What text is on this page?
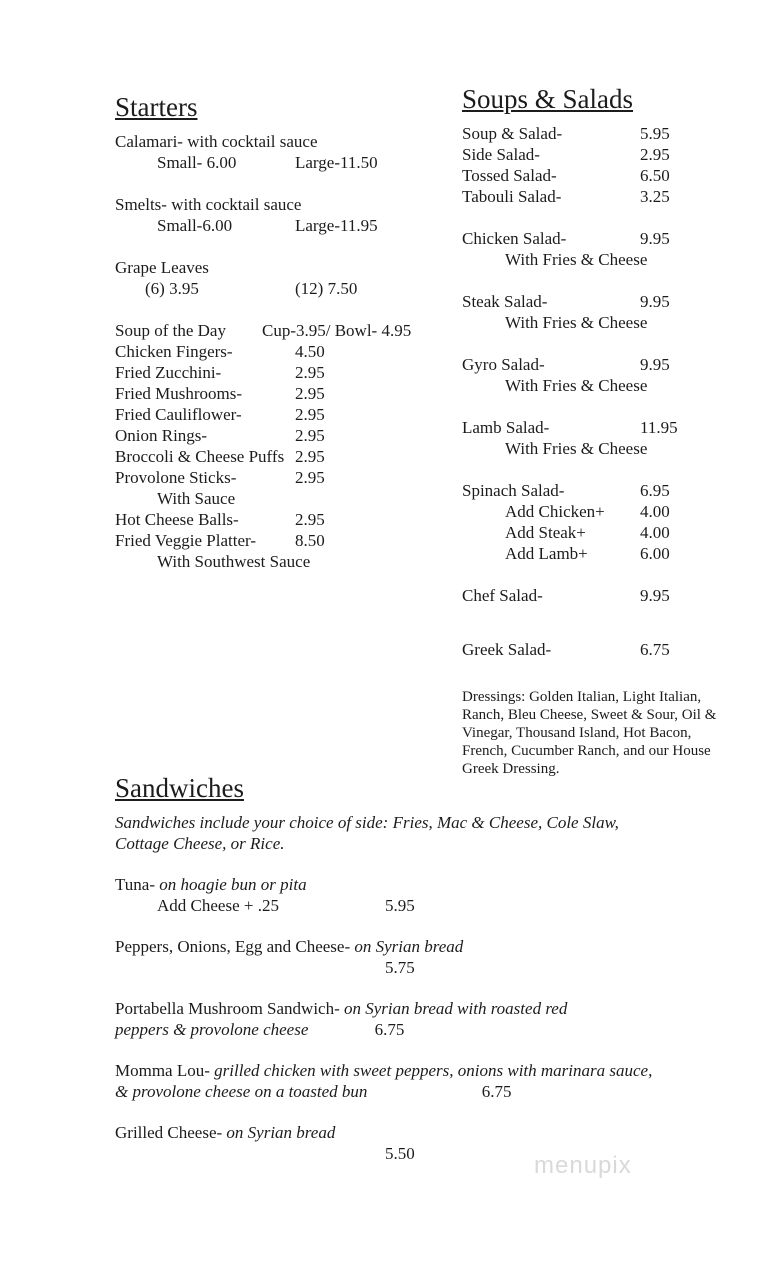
Starters
Calamari- with cocktail sauce
Small- 6.00	Large-11.50
Smelts- with cocktail sauce
Small-6.00	Large-11.95
Grape Leaves
(6) 3.95	(12) 7.50
Soup of the Day Cup-3.95/ Bowl- 4.95
Chicken Fingers-	4.50
Fried Zucchini-	2.95
Fried Mushrooms-	2.95
Fried Cauliflower-	2.95
Onion Rings-	2.95
Broccoli & Cheese Puffs 2.95
Provolone Sticks-	2.95
With Sauce
Hot Cheese Balls-	2.95
Fried Veggie Platter- 8.50
With Southwest Sauce
Soups & Salads
Soup & Salad-	5.95
Side Salad-	2.95
Tossed Salad-	6.50
Tabouli Salad-	3.25
Chicken Salad-	9.95
With Fries & Cheese
Steak Salad-	9.95
With Fries & Cheese
Gyro Salad-	9.95
With Fries & Cheese
Lamb Salad-	11.95
With Fries & Cheese
Spinach Salad-	6.95
Add Chicken+ 4.00
Add Steak+	4.00
Add Lamb+	6.00
Chef Salad-	9.95
Greek Salad-	6.75

Dressings: Golden Italian, Light Italian, Ranch, Bleu Cheese, Sweet & Sour, Oil & Vinegar, Thousand Island, Hot Bacon, French, Cucumber Ranch, and our House Greek Dressing.

Sandwiches

Sandwiches include your choice of side: Fries, Mac & Cheese, Cole Slaw, Cottage Cheese, or Rice.

Tuna- on hoagie bun or pita
Add Cheese + .25	5.95
Peppers, Onions, Egg and Cheese- on Syrian bread
5.75
Portabella Mushroom Sandwich- on Syrian bread with roasted red peppers & provolone cheese	6.75
Momma Lou- grilled chicken with sweet peppers, onions with marinara sauce, & provolone cheese on a toasted bun	6.75
Grilled Cheese- on Syrian bread
5.50	menupix
